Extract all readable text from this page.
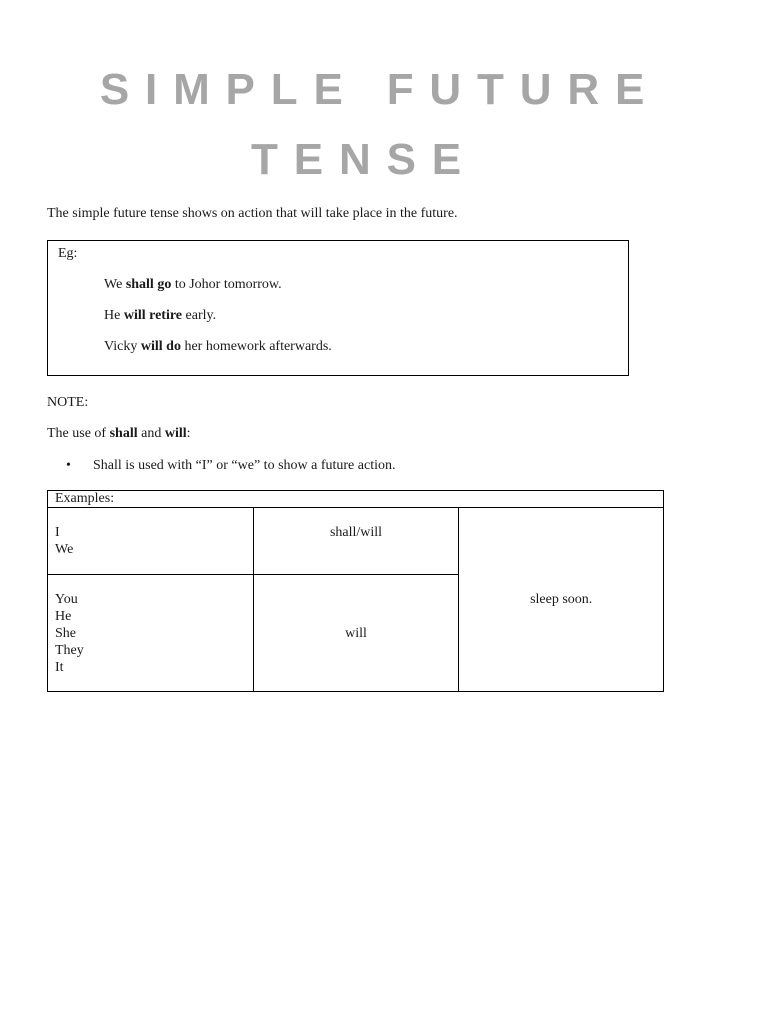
SIMPLE FUTURE
TENSE

The simple future tense shows on action that will take place in the future.

Eg:
We shall go to Johor tomorrow.
He will retire early.
Vicky will do her homework afterwards.

NOTE:

The use of shall and will:

• Shall is used with “I” or “we” to show a future action.
Examples:		

I
We	shall/will	sleep soon.

You
He
She
They
It	will	
